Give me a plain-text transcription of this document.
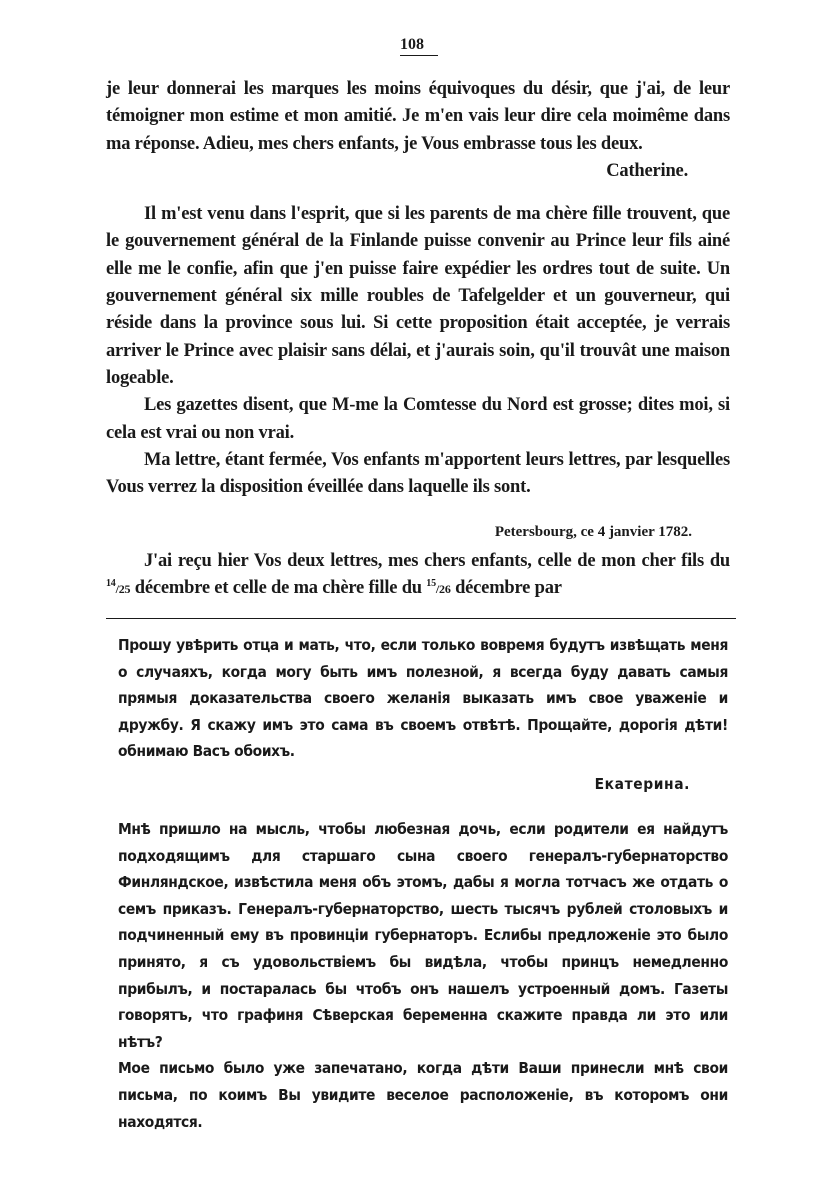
108

je leur donnerai les marques les moins équivoques du désir, que j'ai, de leur témoigner mon estime et mon amitié. Je m'en vais leur dire cela moimême dans ma réponse. Adieu, mes chers enfants, je Vous embrasse tous les deux.

Catherine.

Il m'est venu dans l'esprit, que si les parents de ma chère fille trouvent, que le gouvernement général de la Finlande puisse convenir au Prince leur fils ainé elle me le confie, afin que j'en puisse faire expédier les ordres tout de suite. Un gouvernement général six mille roubles de Tafelgelder et un gouverneur, qui réside dans la province sous lui. Si cette proposition était acceptée, je verrais arriver le Prince avec plaisir sans délai, et j'aurais soin, qu'il trouvât une maison logeable.

Les gazettes disent, que M-me la Comtesse du Nord est grosse; dites moi, si cela est vrai ou non vrai.

Ma lettre, étant fermée, Vos enfants m'apportent leurs lettres, par lesquelles Vous verrez la disposition éveillée dans laquelle ils sont.

Petersbourg, ce 4 janvier 1782.

J'ai reçu hier Vos deux lettres, mes chers enfants, celle de mon cher fils du $^{14}$/25 décembre et celle de ma chère fille du $^{15}$/26 décembre par

Прошу увѣрить отца и мать, что, если только вовремя будутъ извѣщать меня о случаяхъ, когда могу быть имъ полезной, я всегда буду давать самыя прямыя доказательства своего желанія выказать имъ свое уваженіе и дружбу. Я скажу имъ это сама въ своемъ отвѣтѣ. Прощайте, дорогія дѣти! обнимаю Васъ обоихъ.

Екатерина.

Мнѣ пришло на мысль, чтобы любезная дочь, если родители ея найдутъ подходящимъ для старшаго сына своего генералъ-губернаторство Финляндское, извѣстила меня объ этомъ, дабы я могла тотчасъ же отдать о семъ приказъ. Генералъ-губернаторство, шесть тысячъ рублей столовыхъ и подчиненный ему въ провинціи губернаторъ. Еслибы предложеніе это было принято, я съ удовольствіемъ бы видѣла, чтобы принцъ немедленно прибылъ, и постаралась бы чтобъ онъ нашелъ устроенный домъ. Газеты говорятъ, что графиня Сѣверская беременна скажите правда ли это или нѣтъ?

Мое письмо было уже запечатано, когда дѣти Ваши принесли мнѣ свои письма, по коимъ Вы увидите веселое расположеніе, въ которомъ они находятся.
